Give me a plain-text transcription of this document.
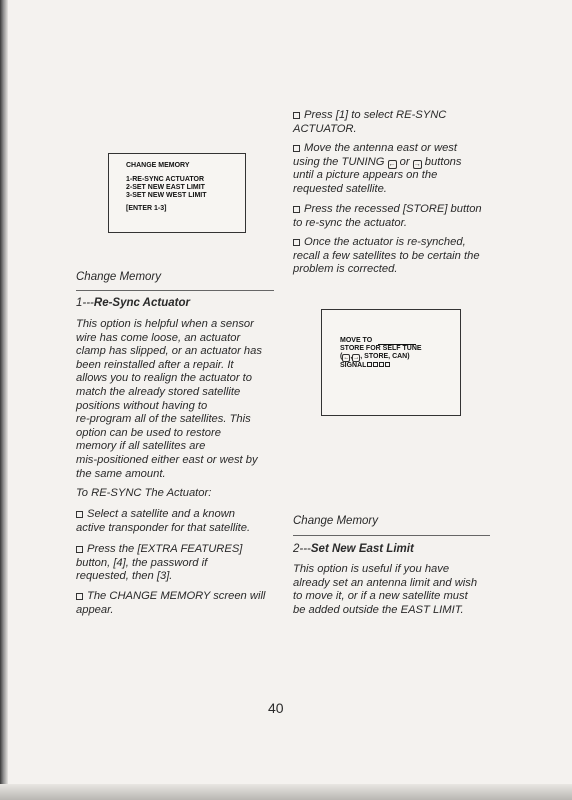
CHANGE MEMORY
1-RE-SYNC ACTUATOR
2-SET NEW EAST LIMIT
3-SET NEW WEST LIMIT
[ENTER 1-3]
Change Memory
1---Re-Sync Actuator
This option is helpful when a sensor
wire has come loose, an actuator
clamp has slipped, or an actuator has
been reinstalled after a repair. It
allows you to realign the actuator to
match the already stored satellite
positions without having to
re-program all of the satellites. This
option can be used to restore
memory if all satellites are
mis-positioned either east or west by
the same amount.
To RE-SYNC The Actuator:
Select a satellite and a known
active transponder for that satellite.
Press the [EXTRA FEATURES]
button, [4], the password if
requested, then [3].
The CHANGE MEMORY screen will
appear.
Press [1] to select RE-SYNC
ACTUATOR.
Move the antenna east or west
using the TUNING ← or → buttons
until a picture appears on the
requested satellite.
Press the recessed [STORE] button
to re-sync the actuator.
Once the actuator is re-synched,
recall a few satellites to be certain the
problem is corrected.
MOVE TO
STORE FOR SELF TUNE
(←,→, STORE, CAN)
SIGNAL
Change Memory
2---Set New East Limit
This option is useful if you have
already set an antenna limit and wish
to move it, or if a new satellite must
be added outside the EAST LIMIT.
40
